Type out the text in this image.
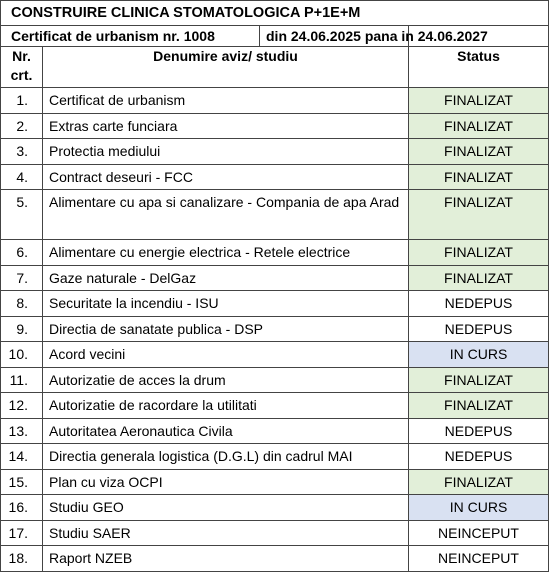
CONSTRUIRE CLINICA STOMATOLOGICA P+1E+M		
Certificat de urbanism nr. 1008		din 24.06.2025 pana in 24.06.2027

Nr.
crt.	Denumire aviz/ studiu	Status
1.	Certificat de urbanism	FINALIZAT
2.	Extras carte funciara	FINALIZAT
3.	Protectia mediului	FINALIZAT
4.	Contract deseuri - FCC	FINALIZAT
5.	Alimentare cu apa si canalizare - Compania de apa Arad	FINALIZAT
6.	Alimentare cu energie electrica - Retele electrice	FINALIZAT
7.	Gaze naturale - DelGaz	FINALIZAT
8.	Securitate la incendiu - ISU	NEDEPUS
9.	Directia de sanatate publica - DSP	NEDEPUS
10.	Acord vecini	IN CURS
11.	Autorizatie de acces la drum	FINALIZAT
12.	Autorizatie de racordare la utilitati	FINALIZAT
13.	Autoritatea Aeronautica Civila	NEDEPUS
14.	Directia generala logistica (D.G.L) din cadrul MAI	NEDEPUS
15.	Plan cu viza OCPI	FINALIZAT
16.	Studiu GEO	IN CURS
17.	Studiu SAER	NEINCEPUT
18.	Raport NZEB	NEINCEPUT
